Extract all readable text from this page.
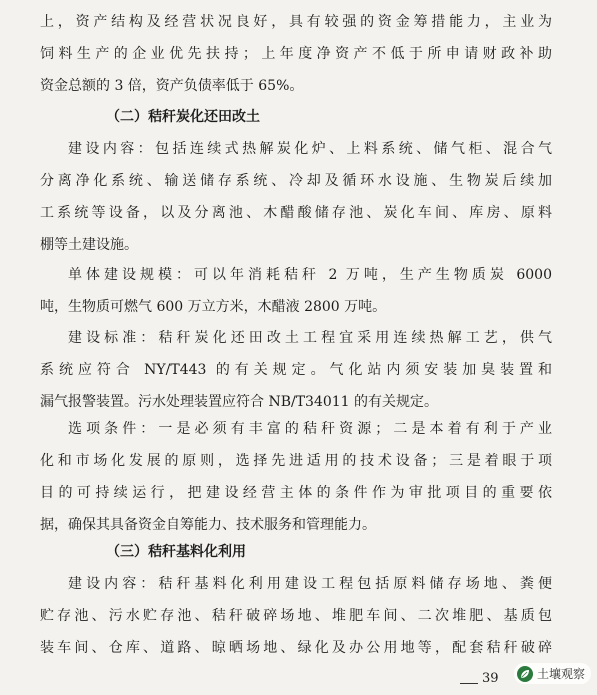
上，资产结构及经营状况良好，具有较强的资金筹措能力，主业为
饲料生产的企业优先扶持；上年度净资产不低于所申请财政补助
资金总额的 3 倍，资产负债率低于 65%。
（二）秸秆炭化还田改土
建设内容：包括连续式热解炭化炉、上料系统、储气柜、混合气
分离净化系统、输送储存系统、冷却及循环水设施、生物炭后续加
工系统等设备，以及分离池、木醋酸储存池、炭化车间、库房、原料
棚等土建设施。
单体建设规模：可以年消耗秸秆 2 万吨，生产生物质炭 6000
吨，生物质可燃气 600 万立方米，木醋液 2800 万吨。
建设标准：秸秆炭化还田改土工程宜采用连续热解工艺，供气
系统应符合 NY/T443 的有关规定。气化站内须安装加臭装置和
漏气报警装置。污水处理装置应符合 NB/T34011 的有关规定。
选项条件：一是必须有丰富的秸秆资源；二是本着有利于产业
化和市场化发展的原则，选择先进适用的技术设备；三是着眼于项
目的可持续运行，把建设经营主体的条件作为审批项目的重要依
据，确保其具备资金自筹能力、技术服务和管理能力。
（三）秸秆基料化利用
建设内容：秸秆基料化利用建设工程包括原料储存场地、粪便
贮存池、污水贮存池、秸秆破碎场地、堆肥车间、二次堆肥、基质包
装车间、仓库、道路、晾晒场地、绿化及办公用地等，配套秸秆破碎
39	土壤观察
